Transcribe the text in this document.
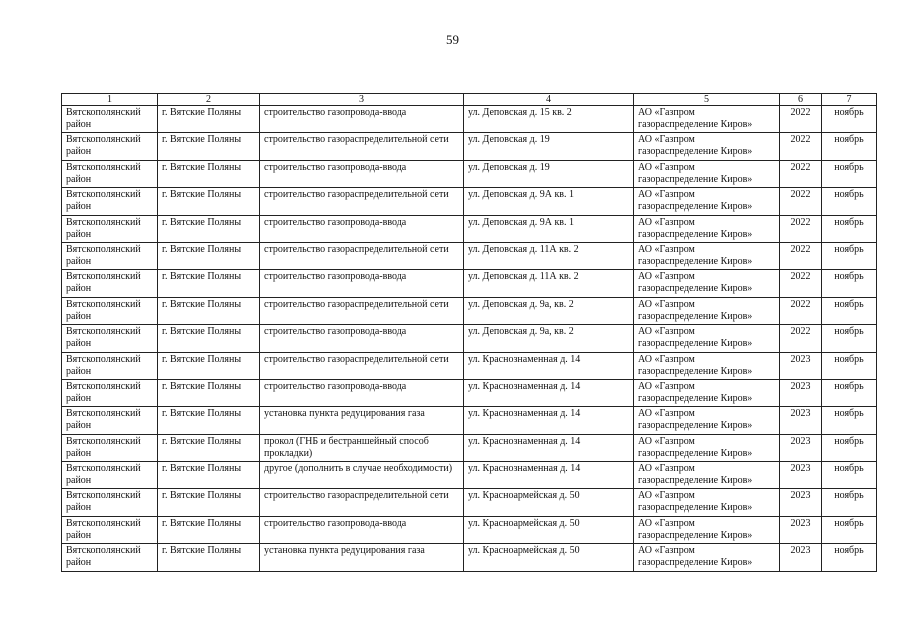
59
1	2	3	4	5	6	7
Вятскополянский район	г. Вятские Поляны	строительство газопровода-ввода	ул. Деповская д. 15 кв. 2	АО «Газпром газораспределение Киров»	2022	ноябрь
Вятскополянский район	г. Вятские Поляны	строительство газораспределительной сети	ул. Деповская д. 19	АО «Газпром газораспределение Киров»	2022	ноябрь
Вятскополянский район	г. Вятские Поляны	строительство газопровода-ввода	ул. Деповская д. 19	АО «Газпром газораспределение Киров»	2022	ноябрь
Вятскополянский район	г. Вятские Поляны	строительство газораспределительной сети	ул. Деповская д. 9А кв. 1	АО «Газпром газораспределение Киров»	2022	ноябрь
Вятскополянский район	г. Вятские Поляны	строительство газопровода-ввода	ул. Деповская д. 9А кв. 1	АО «Газпром газораспределение Киров»	2022	ноябрь
Вятскополянский район	г. Вятские Поляны	строительство газораспределительной сети	ул. Деповская д. 11А кв. 2	АО «Газпром газораспределение Киров»	2022	ноябрь
Вятскополянский район	г. Вятские Поляны	строительство газопровода-ввода	ул. Деповская д. 11А кв. 2	АО «Газпром газораспределение Киров»	2022	ноябрь
Вятскополянский район	г. Вятские Поляны	строительство газораспределительной сети	ул. Деповская д. 9а, кв. 2	АО «Газпром газораспределение Киров»	2022	ноябрь
Вятскополянский район	г. Вятские Поляны	строительство газопровода-ввода	ул. Деповская д. 9а, кв. 2	АО «Газпром газораспределение Киров»	2022	ноябрь
Вятскополянский район	г. Вятские Поляны	строительство газораспределительной сети	ул. Краснознаменная д. 14	АО «Газпром газораспределение Киров»	2023	ноябрь
Вятскополянский район	г. Вятские Поляны	строительство газопровода-ввода	ул. Краснознаменная д. 14	АО «Газпром газораспределение Киров»	2023	ноябрь
Вятскополянский район	г. Вятские Поляны	установка пункта редуцирования газа	ул. Краснознаменная д. 14	АО «Газпром газораспределение Киров»	2023	ноябрь
Вятскополянский район	г. Вятские Поляны	прокол (ГНБ и бестраншейный способ прокладки)	ул. Краснознаменная д. 14	АО «Газпром газораспределение Киров»	2023	ноябрь
Вятскополянский район	г. Вятские Поляны	другое (дополнить в случае необходимости)	ул. Краснознаменная д. 14	АО «Газпром газораспределение Киров»	2023	ноябрь
Вятскополянский район	г. Вятские Поляны	строительство газораспределительной сети	ул. Красноармейская д. 50	АО «Газпром газораспределение Киров»	2023	ноябрь
Вятскополянский район	г. Вятские Поляны	строительство газопровода-ввода	ул. Красноармейская д. 50	АО «Газпром газораспределение Киров»	2023	ноябрь
Вятскополянский район	г. Вятские Поляны	установка пункта редуцирования газа	ул. Красноармейская д. 50	АО «Газпром газораспределение Киров»	2023	ноябрь
